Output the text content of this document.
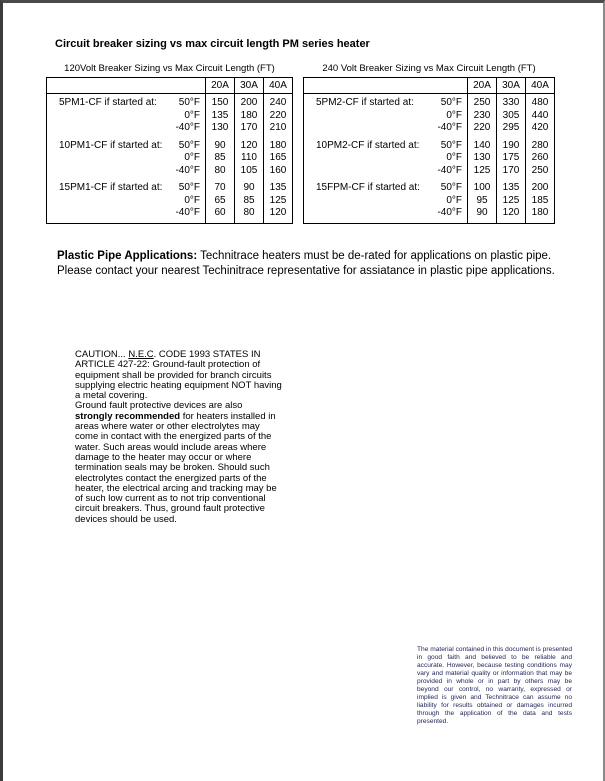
Circuit breaker sizing vs max circuit length PM series heater
120Volt Breaker Sizing vs Max Circuit Length (FT)
	20A	30A	40A

5PM1-CF if started at: 50°F	150	200	240

0°F	135	180	220

-40°F	130	170	210

10PM1-CF if started at: 50°F	90	120	180

0°F	85	110	165

-40°F	80	105	160

15PM1-CF if started at: 50°F	70	90	135

0°F	65	85	125

-40°F	60	80	120
240 Volt Breaker Sizing vs Max Circuit Length (FT)
	20A	30A	40A

5PM2-CF if started at: 50°F	250	330	480

0°F	230	305	440

-40°F	220	295	420

10PM2-CF if started at: 50°F	140	190	280

0°F	130	175	260

-40°F	125	170	250

15FPM-CF if started at: 50°F	100	135	200

0°F	95	125	185

-40°F	90	120	180
Plastic Pipe Applications: Technitrace heaters must be de-rated for applications on plastic pipe. Please contact your nearest Techinitrace representative for assiatance in plastic pipe applications.

CAUTION... N.E.C. CODE 1993 STATES IN ARTICLE 427-22: Ground-fault protection of equipment shall be provided for branch circuits supplying electric heating equipment NOT having a metal covering.

Ground fault protective devices are also strongly recommended for heaters installed in areas where water or other electrolytes may come in contact with the energized parts of the water. Such areas would include areas where damage to the heater may occur or where termination seals may be broken. Should such electrolytes contact the energized parts of the heater, the electrical arcing and tracking may be of such low current as to not trip conventional circuit breakers. Thus, ground fault protective devices should be used.

The material contained in this document is presented in good faith and believed to be reliable and accurate. However, because testing conditions may vary and material quality or information that may be provided in whole or in part by others may be beyond our control, no warranty, expressed or implied is given and Technitrace can assume no liability for results obtained or damages incurred through the application of the data and tests presented.
